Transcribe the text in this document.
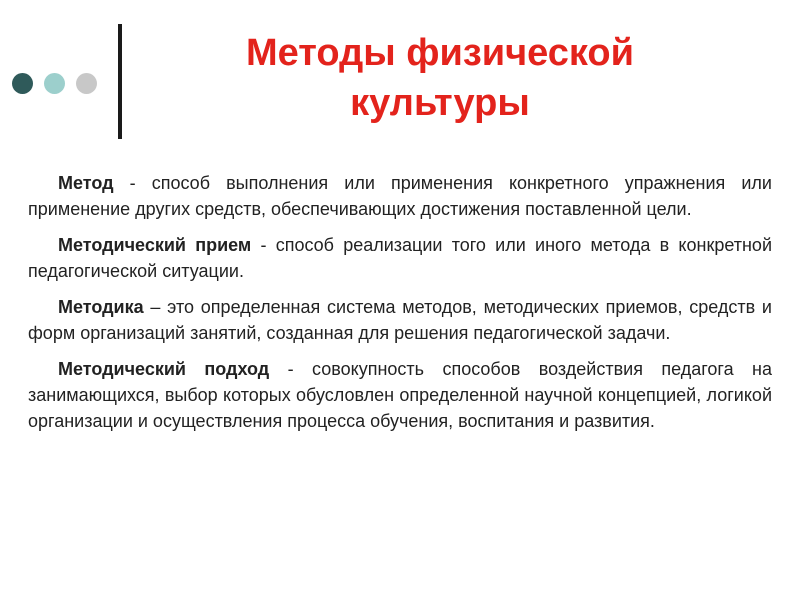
Методы физической
культуры

Метод - способ выполнения или применения конкретного упражнения или применение других средств, обеспечивающих достижения поставленной цели.

Методический прием - способ реализации того или иного метода в конкретной педагогической ситуации.

Методика – это определенная система методов, методических приемов, средств и форм организаций занятий, созданная для решения педагогической задачи.

Методический подход - совокупность способов воздействия педагога на занимающихся, выбор которых обусловлен определенной научной концепцией, логикой организации и осуществления процесса обучения, воспитания и развития.
